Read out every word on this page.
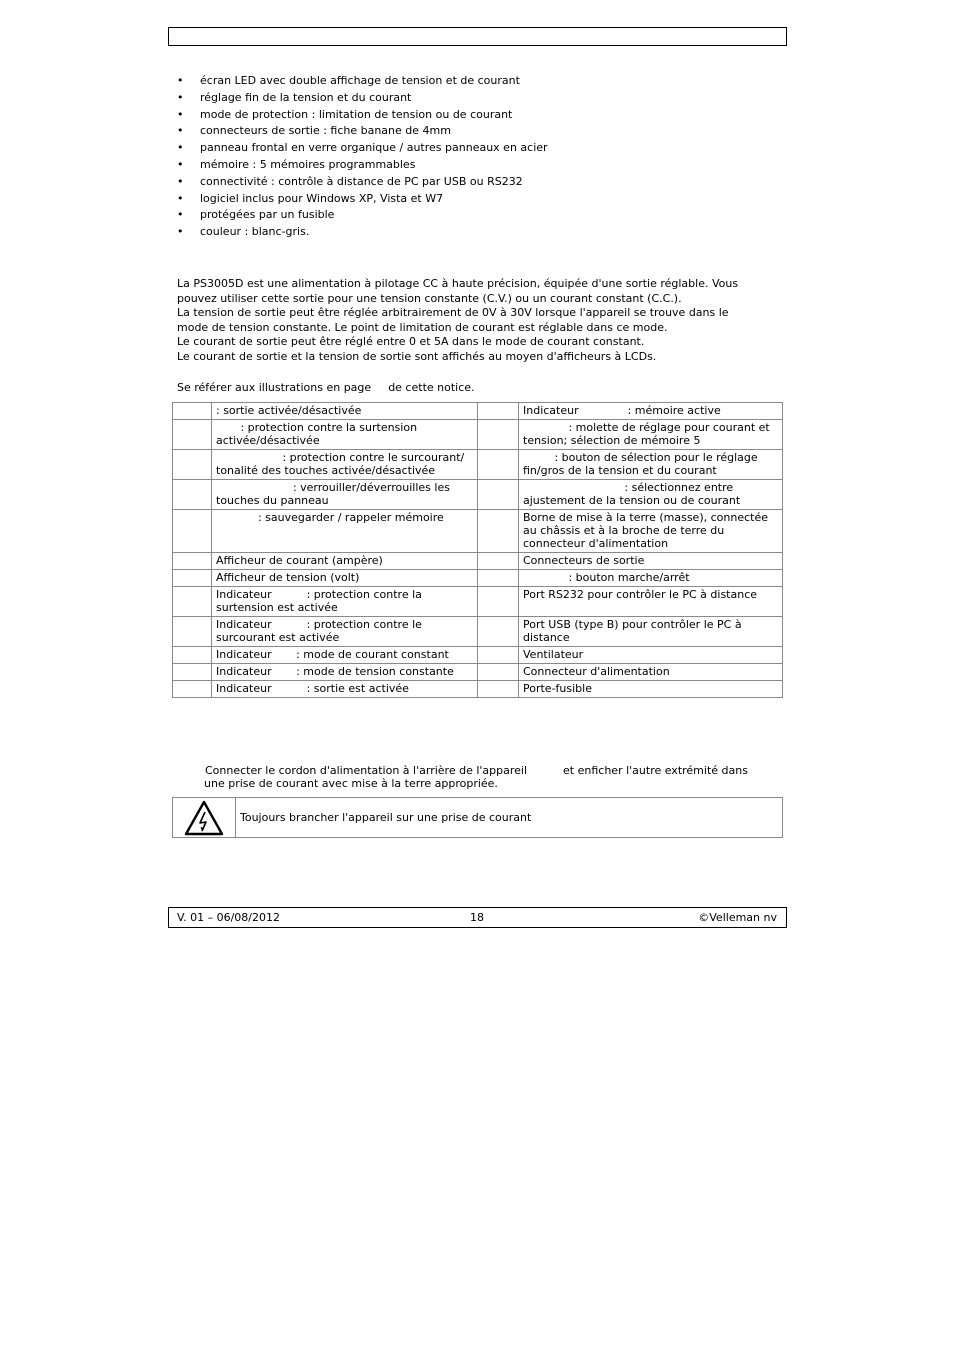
• écran LED avec double affichage de tension et de courant
• réglage fin de la tension et du courant
• mode de protection : limitation de tension ou de courant
• connecteurs de sortie : fiche banane de 4mm
• panneau frontal en verre organique / autres panneaux en acier
• mémoire : 5 mémoires programmables
• connectivité : contrôle à distance de PC par USB ou RS232
• logiciel inclus pour Windows XP, Vista et W7
• protégées par un fusible
• couleur : blanc-gris.
La PS3005D est une alimentation à pilotage CC à haute précision, équipée d'une sortie réglable. Vous
pouvez utiliser cette sortie pour une tension constante (C.V.) ou un courant constant (C.C.).
La tension de sortie peut être réglée arbitrairement de 0V à 30V lorsque l'appareil se trouve dans le
mode de tension constante. Le point de limitation de courant est réglable dans ce mode.
Le courant de sortie peut être réglé entre 0 et 5A dans le mode de courant constant.
Le courant de sortie et la tension de sortie sont affichés au moyen d'afficheurs à LCDs.
Se référer aux illustrations en page de cette notice.
	: sortie activée/désactivée		Indicateur              : mémoire active
	: protection contre la surtension activée/désactivée		: molette de réglage pour courant et tension; sélection de mémoire 5
	: protection contre le surcourant/ tonalité des touches activée/désactivée		: bouton de sélection pour le réglage fin/gros de la tension et du courant
	: verrouiller/déverrouilles les touches du panneau		: sélectionnez entre ajustement de la tension ou de courant
	: sauvegarder / rappeler mémoire		Borne de mise à la terre (masse), connectée au châssis et à la broche de terre du connecteur d'alimentation
	Afficheur de courant (ampère)		Connecteurs de sortie
	Afficheur de tension (volt)		: bouton marche/arrêt
	Indicateur          : protection contre la surtension est activée		Port RS232 pour contrôler le PC à distance
	Indicateur          : protection contre le surcourant est activée		Port USB (type B) pour contrôler le PC à distance
	Indicateur       : mode de courant constant		Ventilateur
	Indicateur       : mode de tension constante		Connecteur d'alimentation
	Indicateur          : sortie est activée		Porte-fusible
Connecter le cordon d'alimentation à l'arrière de l'appareil	et enficher l'autre extrémité dans
une prise de courant avec mise à la terre appropriée.
Toujours brancher l'appareil sur une prise de courant
V. 01 – 06/08/2012	18	©Velleman nv
